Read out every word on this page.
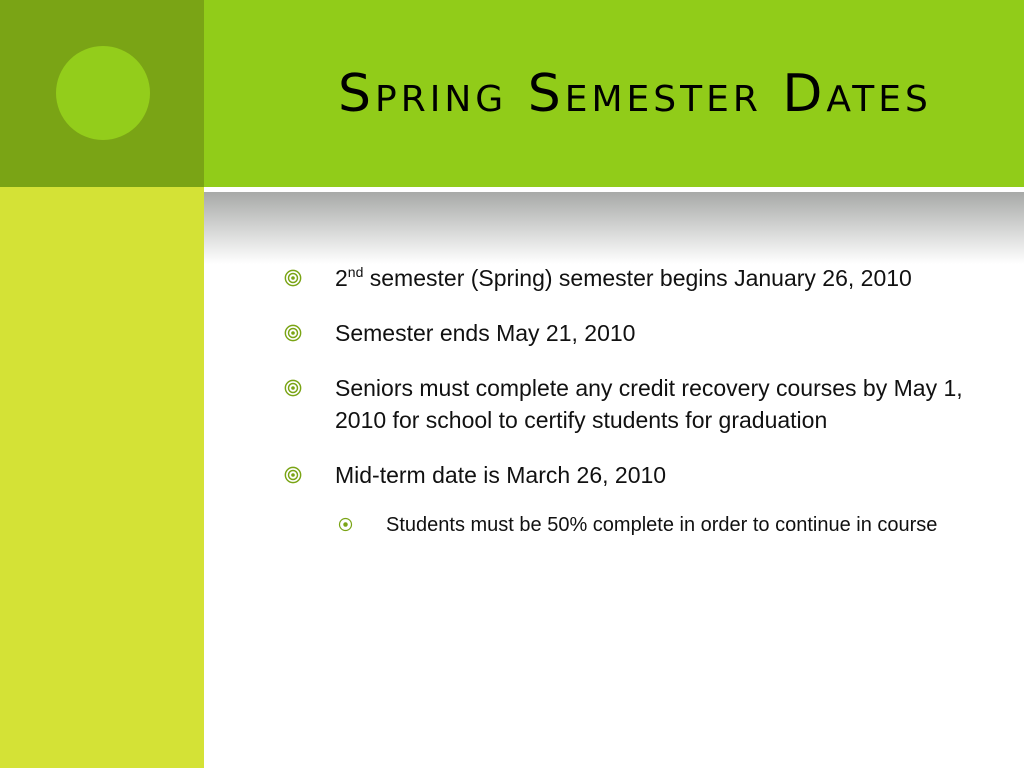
Spring Semester Dates
2nd semester (Spring) semester begins January 26, 2010
Semester ends May 21, 2010
Seniors must complete any credit recovery courses by May 1, 2010 for school to certify students for graduation
Mid-term date is March 26, 2010
Students must be 50% complete in order to continue in course
